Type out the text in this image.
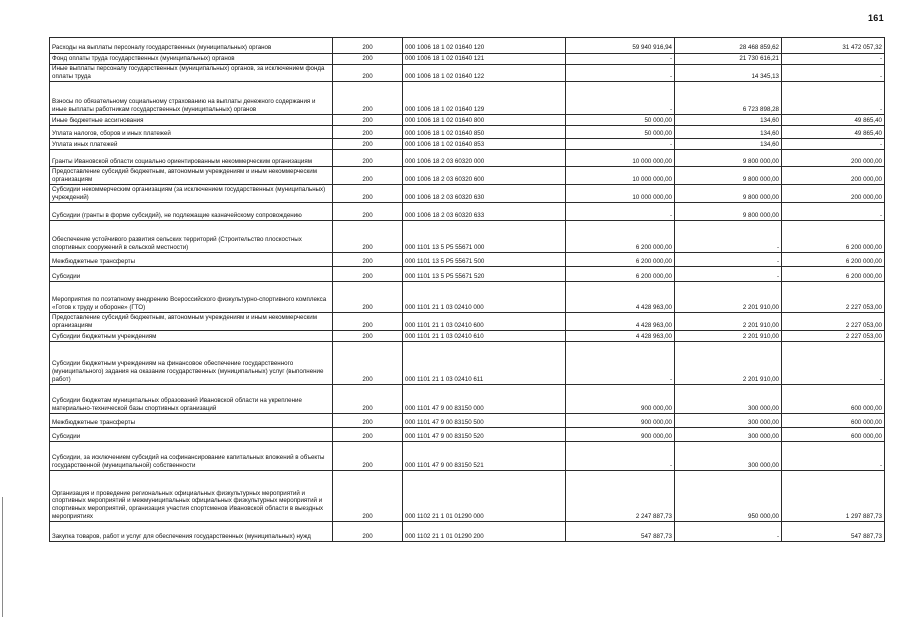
161
Расходы на выплаты персоналу государственных (муниципальных) органов	200	000 1006 18 1 02 01640 120	59 940 916,94	28 468 859,62	31 472 057,32
Фонд оплаты труда государственных (муниципальных) органов	200	000 1006 18 1 02 01640 121	-	21 730 616,21	-
Иные выплаты персоналу государственных (муниципальных) органов, за исключением фонда оплаты труда	200	000 1006 18 1 02 01640 122	-	14 345,13	-
Взносы по обязательному социальному страхованию на выплаты денежного содержания и иные выплаты работникам государственных (муниципальных) органов	200	000 1006 18 1 02 01640 129	-	6 723 898,28	-
Иные бюджетные ассигнования	200	000 1006 18 1 02 01640 800	50 000,00	134,60	49 865,40
Уплата налогов, сборов и иных платежей	200	000 1006 18 1 02 01640 850	50 000,00	134,60	49 865,40
Уплата иных платежей	200	000 1006 18 1 02 01640 853	-	134,60	-
Гранты Ивановской области социально ориентированным некоммерческим организациям	200	000 1006 18 2 03 60320 000	10 000 000,00	9 800 000,00	200 000,00
Предоставление субсидий бюджетным, автономным учреждениям и иным некоммерческим организациям	200	000 1006 18 2 03 60320 600	10 000 000,00	9 800 000,00	200 000,00
Субсидии некоммерческим организациям (за исключением государственных (муниципальных) учреждений)	200	000 1006 18 2 03 60320 630	10 000 000,00	9 800 000,00	200 000,00
Субсидии (гранты в форме субсидий), не подлежащие казначейскому сопровождению	200	000 1006 18 2 03 60320 633	-	9 800 000,00	-
Обеспечение устойчивого развития сельских территорий (Строительство плоскостных спортивных сооружений в сельской местности)	200	000 1101 13 5 P5 55671 000	6 200 000,00	-	6 200 000,00
Межбюджетные трансферты	200	000 1101 13 5 P5 55671 500	6 200 000,00	-	6 200 000,00
Субсидии	200	000 1101 13 5 P5 55671 520	6 200 000,00	-	6 200 000,00
Мероприятия по поэтапному внедрению Всероссийского физкультурно-спортивного комплекса «Готов к труду и обороне» (ГТО)	200	000 1101 21 1 03 02410 000	4 428 963,00	2 201 910,00	2 227 053,00
Предоставление субсидий бюджетным, автономным учреждениям и иным некоммерческим организациям	200	000 1101 21 1 03 02410 600	4 428 963,00	2 201 910,00	2 227 053,00
Субсидии бюджетным учреждениям	200	000 1101 21 1 03 02410 610	4 428 963,00	2 201 910,00	2 227 053,00
Субсидии бюджетным учреждениям на финансовое обеспечение государственного (муниципального) задания на оказание государственных (муниципальных) услуг (выполнение работ)	200	000 1101 21 1 03 02410 611	-	2 201 910,00	-
Субсидии бюджетам муниципальных образований Ивановской области на укрепление материально-технической базы спортивных организаций	200	000 1101 47 9 00 83150 000	900 000,00	300 000,00	600 000,00
Межбюджетные трансферты	200	000 1101 47 9 00 83150 500	900 000,00	300 000,00	600 000,00
Субсидии	200	000 1101 47 9 00 83150 520	900 000,00	300 000,00	600 000,00
Субсидии, за исключением субсидий на софинансирование капитальных вложений в объекты государственной (муниципальной) собственности	200	000 1101 47 9 00 83150 521	-	300 000,00	-
Организация и проведение региональных официальных физкультурных мероприятий и спортивных мероприятий и межмуниципальных официальных физкультурных мероприятий и спортивных мероприятий, организация участия спортсменов Ивановской области в выездных мероприятиях	200	000 1102 21 1 01 01290 000	2 247 887,73	950 000,00	1 297 887,73
Закупка товаров, работ и услуг для обеспечения государственных (муниципальных) нужд	200	000 1102 21 1 01 01290 200	547 887,73	-	547 887,73
